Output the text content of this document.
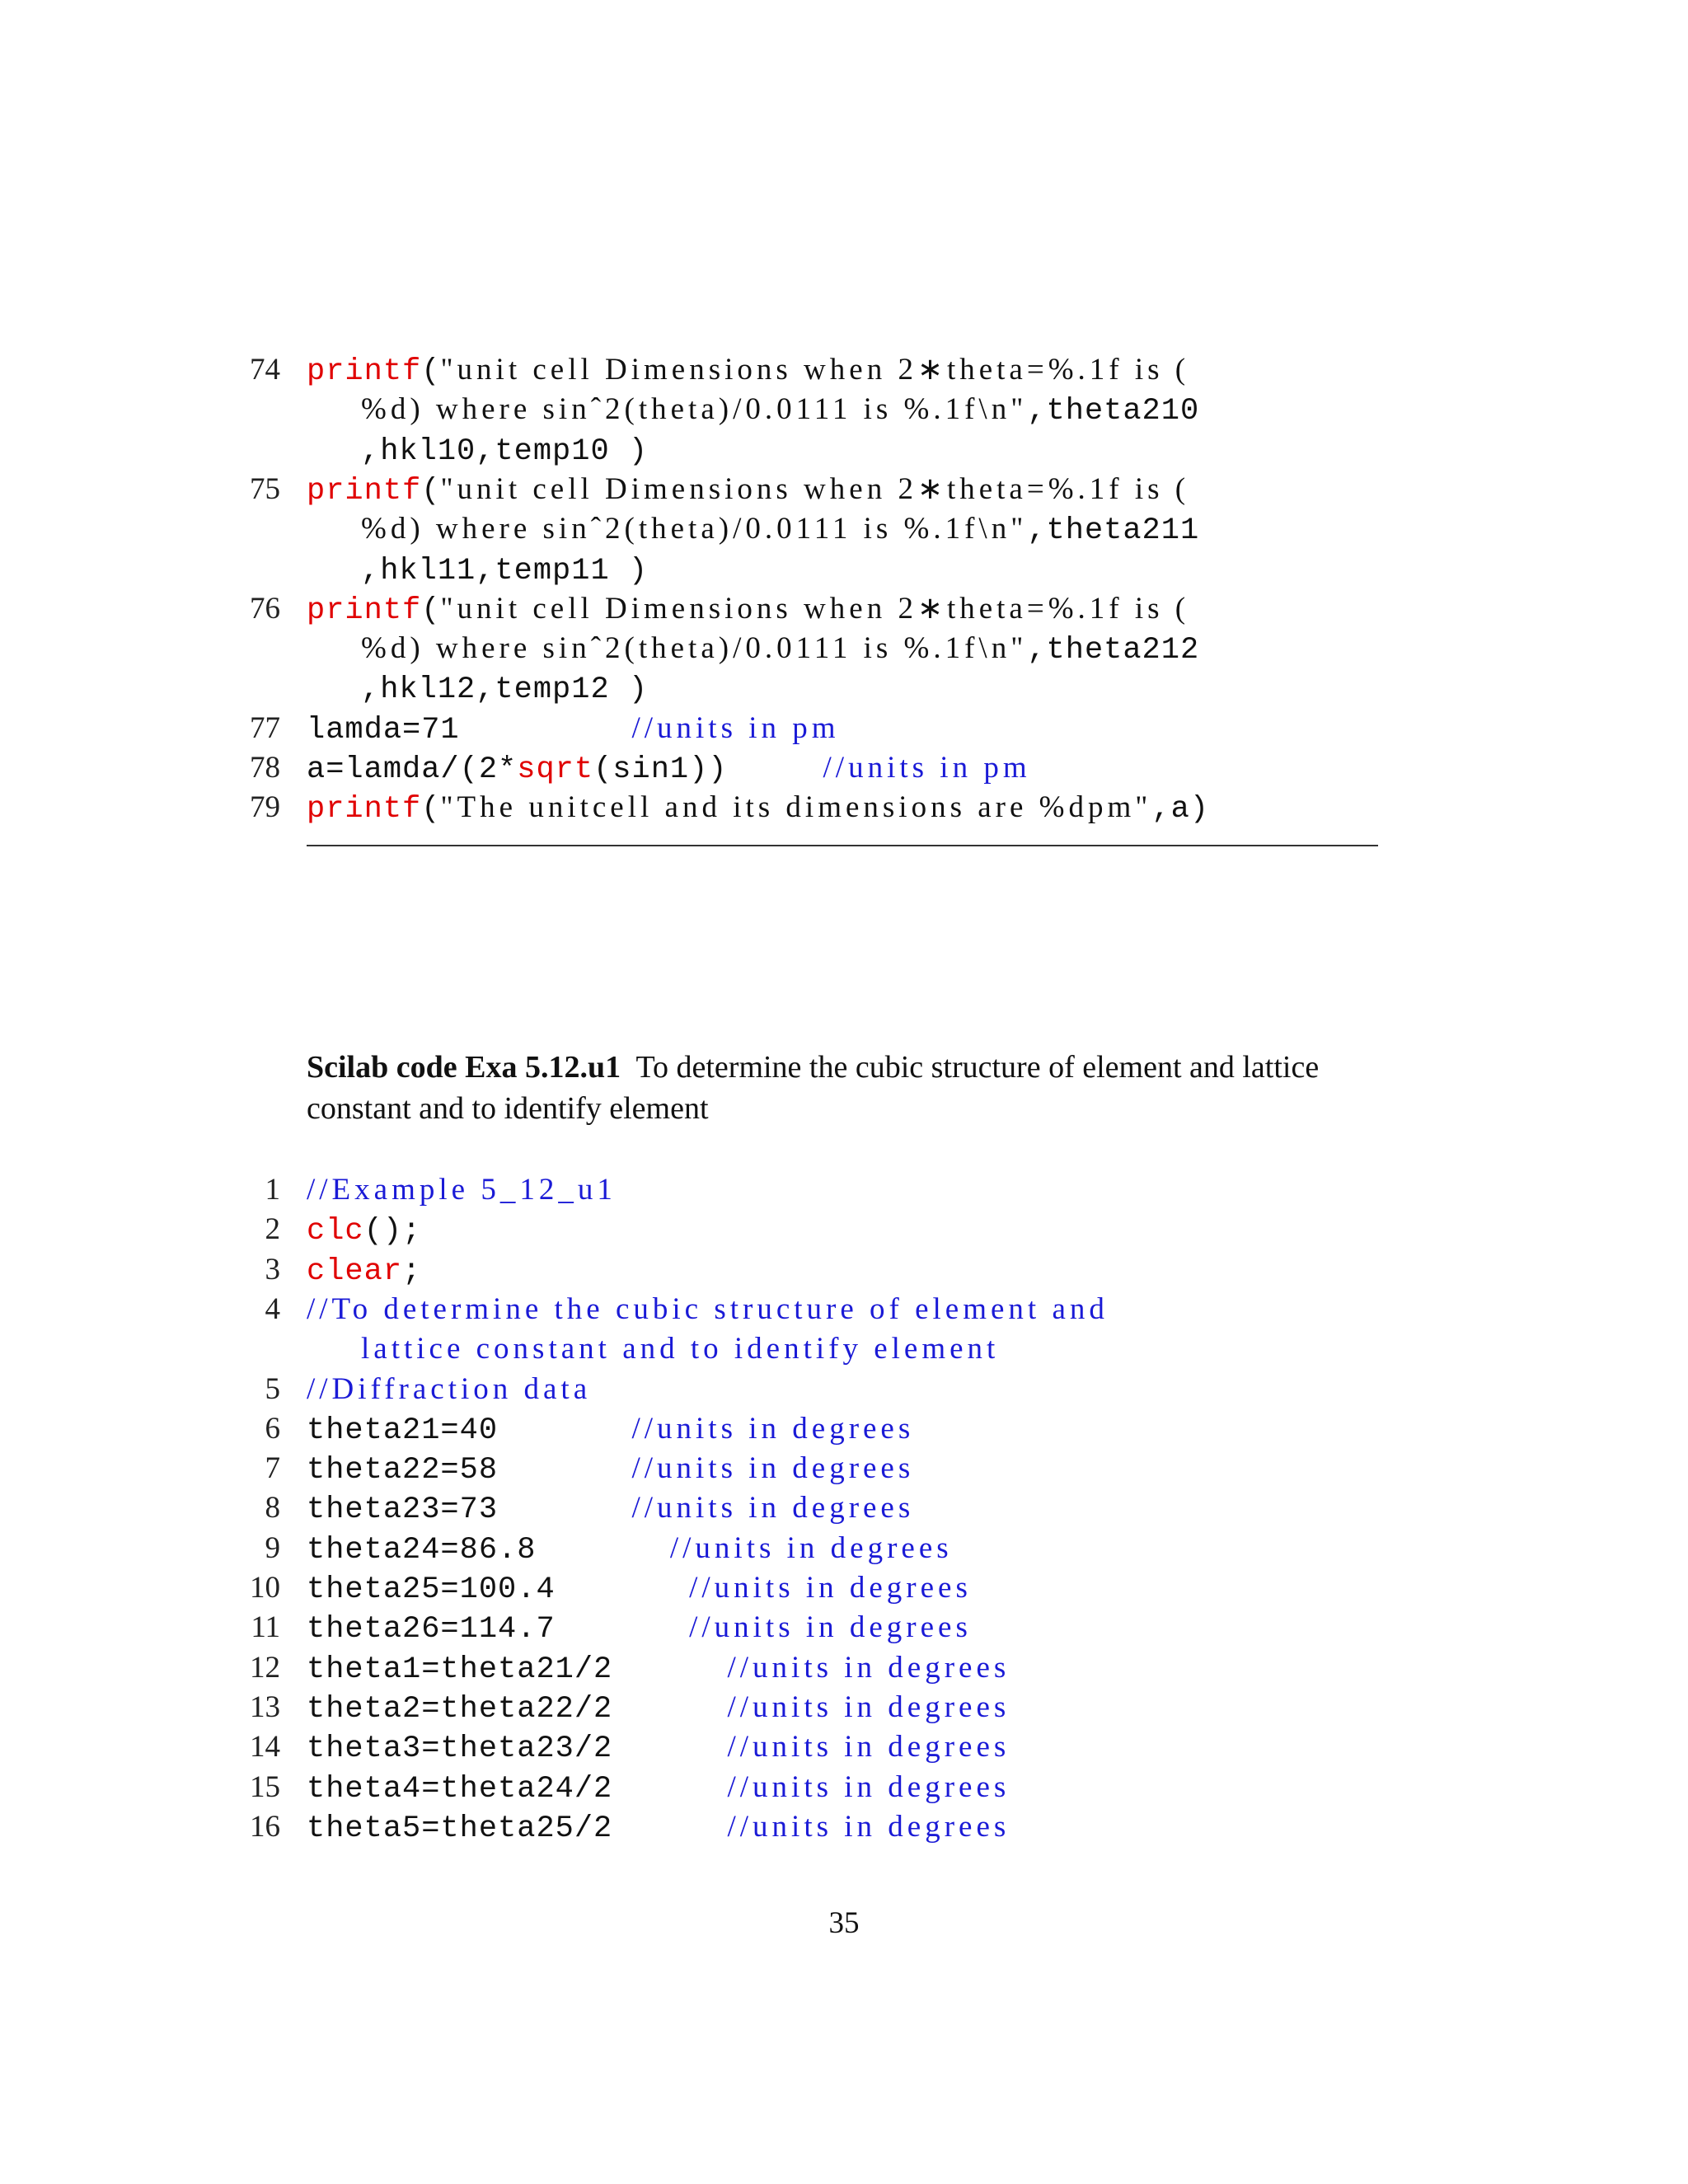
74 printf("unit cell Dimensions when 2∗theta=%.1f is (
%d) where sinˆ2(theta)/0.0111 is %.1f\n",theta210
,hkl10,temp10 )
75 printf("unit cell Dimensions when 2∗theta=%.1f is (
%d) where sinˆ2(theta)/0.0111 is %.1f\n",theta211
,hkl11,temp11 )
76 printf("unit cell Dimensions when 2∗theta=%.1f is (
%d) where sinˆ2(theta)/0.0111 is %.1f\n",theta212
,hkl12,temp12 )
77 lamda=71         //units in pm
78 a=lamda/(2*sqrt(sin1))     //units in pm
79 printf("The unitcell and its dimensions are %dpm",a)
Scilab code Exa 5.12.u1 To determine the cubic structure of element and lattice constant and to identify element
1 //Example 5_12_u1
2 clc();
3 clear;
4 //To determine the cubic structure of element and
lattice constant and to identify element
5 //Diffraction data
6 theta21=40       //units in degrees
7 theta22=58       //units in degrees
8 theta23=73       //units in degrees
9 theta24=86.8       //units in degrees
10 theta25=100.4       //units in degrees
11 theta26=114.7       //units in degrees
12 theta1=theta21/2      //units in degrees
13 theta2=theta22/2      //units in degrees
14 theta3=theta23/2      //units in degrees
15 theta4=theta24/2      //units in degrees
16 theta5=theta25/2      //units in degrees
35
